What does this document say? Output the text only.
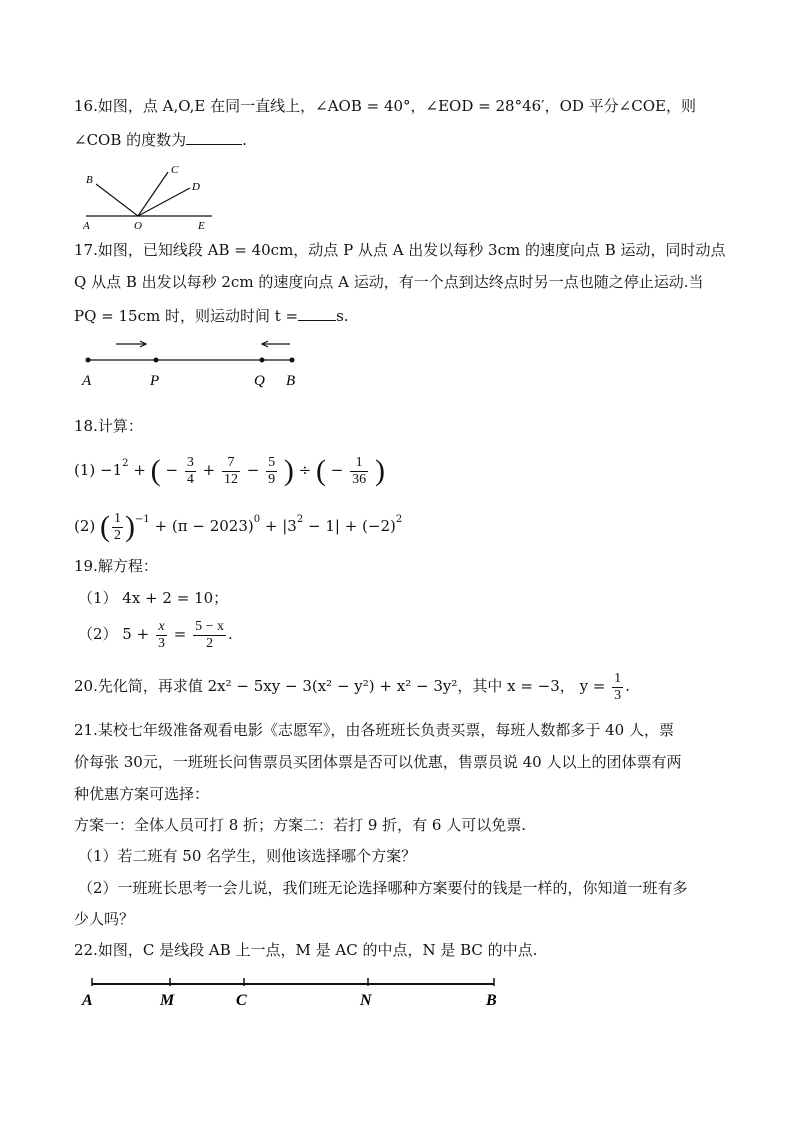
16.如图，点 A,O,E 在同一直线上，∠AOB = 40°，∠EOD = 28°46′，OD 平分∠COE，则
∠COB 的度数为	.
B
C
D
A	O	E
17.如图，已知线段 AB = 40cm，动点 P 从点 A 出发以每秒 3cm 的速度向点 B 运动，同时动点
Q 从点 B 出发以每秒 2cm 的速度向点 A 运动，有一个点到达终点时另一点也随之停止运动.当
PQ = 15cm 时，则运动时间 t =	s.
A	P	Q B
18.计算：
$(1) -1^2$ + ( − $\frac{3}{4} + \frac{7}{12} - \frac{5}{9}$ ) ÷ ( − $\frac{1}{36}$ )
(2) ( $\frac{1}{2} )^{-1} + (\pi - 2023)^0 + |3^2 - 1| + (-2)^2$
19.解方程：
（1） 4x + 2 = 10；
（2） $5 + \frac{x}{3} = \frac{5 - x}{2}$ .
20.先化简，再求值 2x² − 5xy − 3(x² − y²) + x² − 3y²，其中 x = −3， $y = \frac{1}{3}$ .
21.某校七年级准备观看电影《志愿军》，由各班班长负责买票，每班人数都多于 40 人，票
价每张 30元，一班班长问售票员买团体票是否可以优惠，售票员说 40 人以上的团体票有两
种优惠方案可选择：
方案一：全体人员可打 8 折；方案二：若打 9 折，有 6 人可以免票.
（1）若二班有 50 名学生，则他该选择哪个方案？
（2）一班班长思考一会儿说，我们班无论选择哪种方案要付的钱是一样的，你知道一班有多
少人吗？
22.如图，C 是线段 AB 上一点，M 是 AC 的中点，N 是 BC 的中点.
A	M	C	N	B
